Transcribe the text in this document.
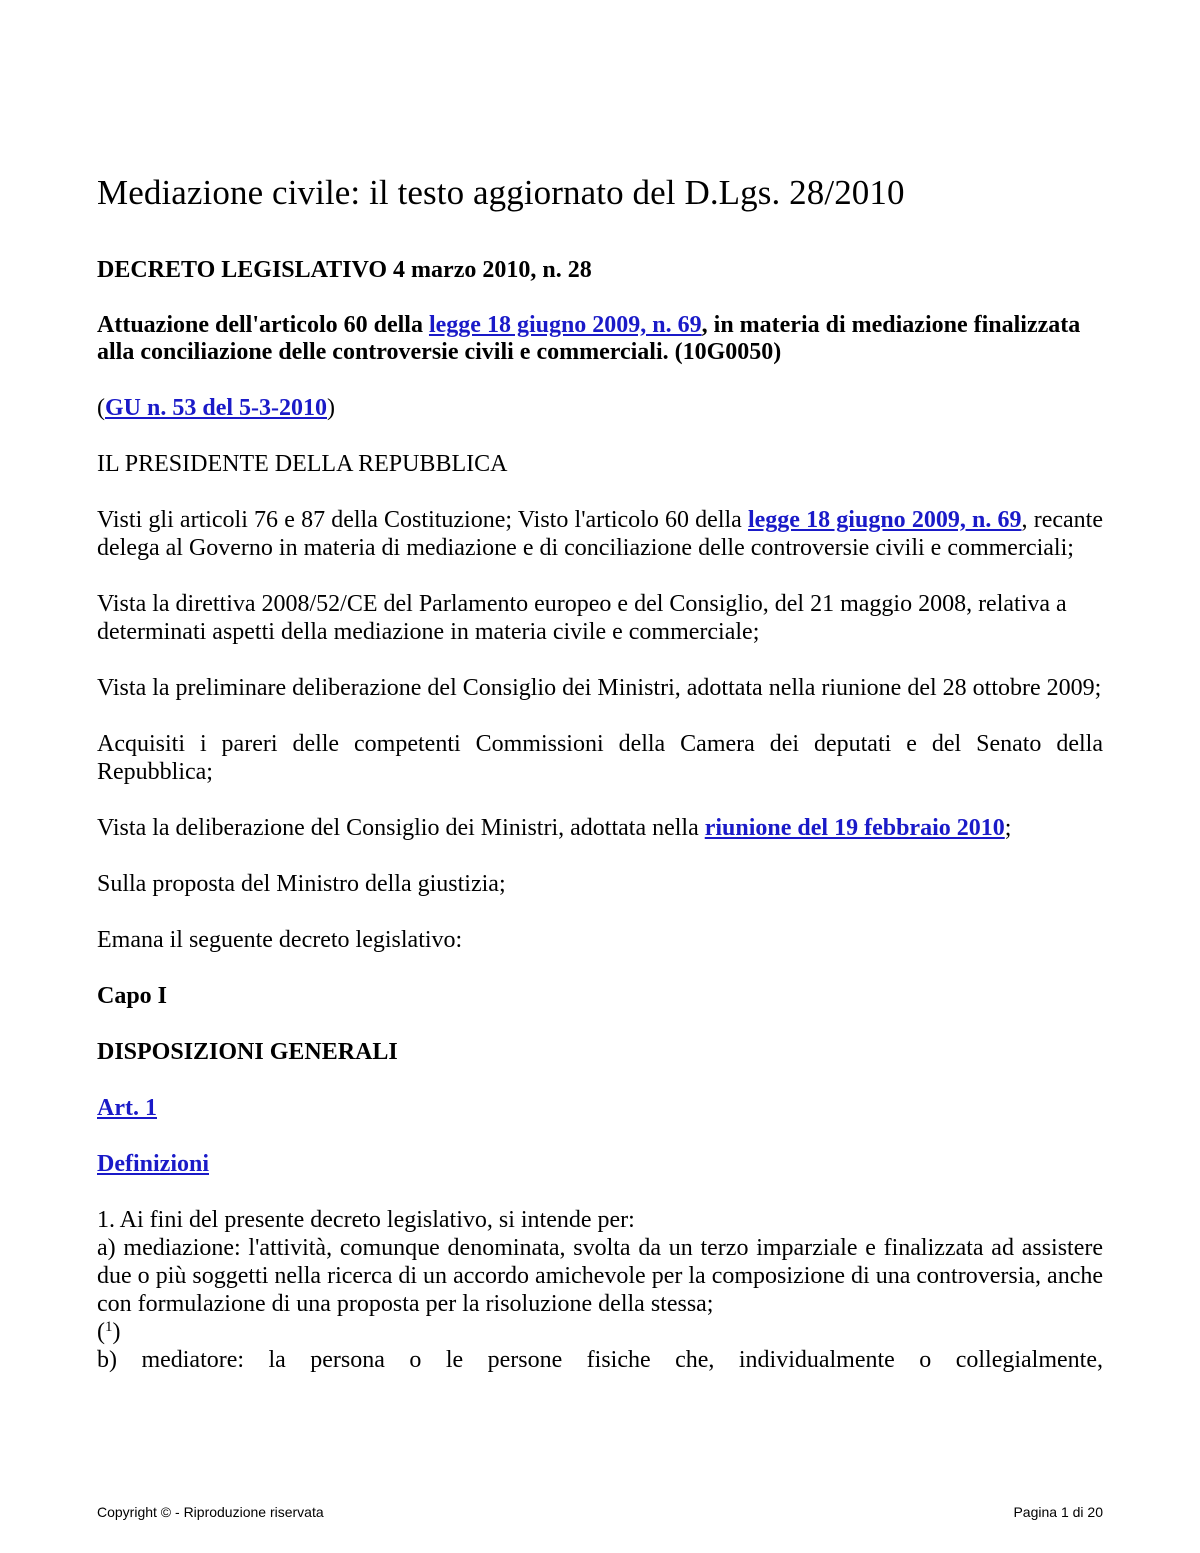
Mediazione civile: il testo aggiornato del D.Lgs. 28/2010

DECRETO LEGISLATIVO 4 marzo 2010, n. 28

Attuazione dell'articolo 60 della legge 18 giugno 2009, n. 69, in materia di mediazione finalizzata alla conciliazione delle controversie civili e commerciali. (10G0050)

(GU n. 53 del 5-3-2010)

IL PRESIDENTE DELLA REPUBBLICA

Visti gli articoli 76 e 87 della Costituzione; Visto l'articolo 60 della legge 18 giugno 2009, n. 69, recante delega al Governo in materia di mediazione e di conciliazione delle controversie civili e commerciali;

Vista la direttiva 2008/52/CE del Parlamento europeo e del Consiglio, del 21 maggio 2008, relativa a determinati aspetti della mediazione in materia civile e commerciale;

Vista la preliminare deliberazione del Consiglio dei Ministri, adottata nella riunione del 28 ottobre 2009;

Acquisiti i pareri delle competenti Commissioni della Camera dei deputati e del Senato della Repubblica;

Vista la deliberazione del Consiglio dei Ministri, adottata nella riunione del 19 febbraio 2010;

Sulla proposta del Ministro della giustizia;

Emana il seguente decreto legislativo:

Capo I

DISPOSIZIONI GENERALI

Art. 1

Definizioni

1. Ai fini del presente decreto legislativo, si intende per:

a) mediazione: l'attività, comunque denominata, svolta da un terzo imparziale e finalizzata ad assistere due o più soggetti nella ricerca di un accordo amichevole per la composizione di una controversia, anche con formulazione di una proposta per la risoluzione della stessa;
($^1$)

b) mediatore: la persona o le persone fisiche che, individualmente o collegialmente,

Copyright © - Riproduzione riservata	Pagina 1 di 20
